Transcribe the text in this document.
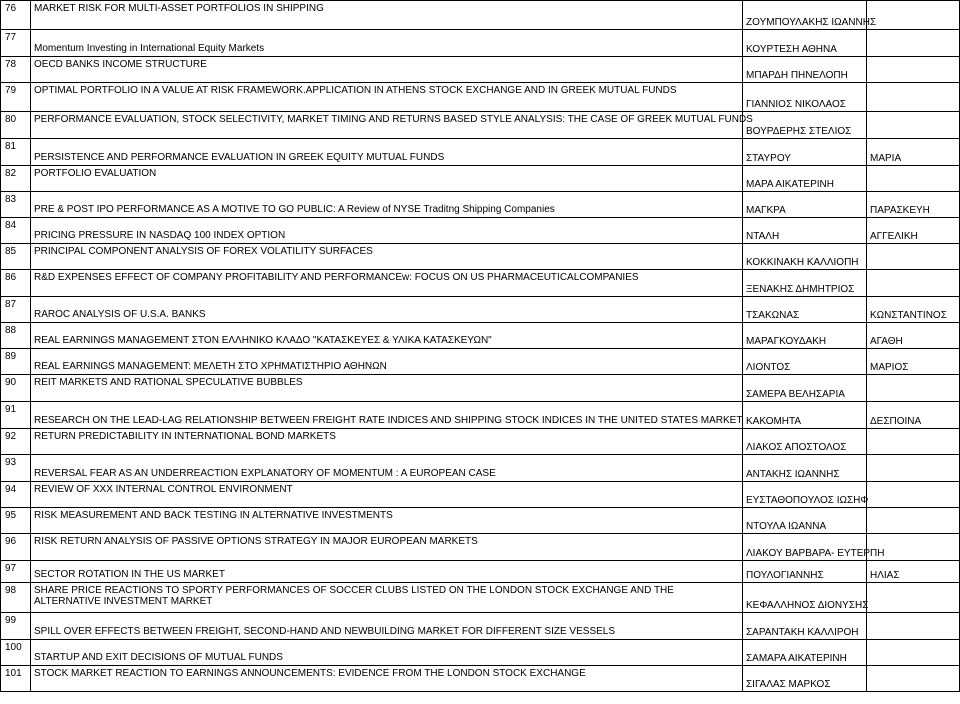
76	MARKET RISK FOR MULTI-ASSET PORTFOLIOS IN SHIPPING	ΖΟΥΜΠΟΥΛΑΚΗΣ ΙΩΑΝΝΗΣ	
77	Momentum Investing in International Equity Markets	ΚΟΥΡΤΕΣΗ ΑΘΗΝΑ	
78	OECD BANKS INCOME STRUCTURE	ΜΠΑΡΔΗ ΠΗΝΕΛΟΠΗ	
79	OPTIMAL PORTFOLIO IN A VALUE AT RISK FRAMEWORK.APPLICATION IN ATHENS STOCK EXCHANGE AND IN GREEK MUTUAL FUNDS	ΓΙΑΝΝΙΟΣ ΝΙΚΟΛΑΟΣ	
80	PERFORMANCE EVALUATION, STOCK SELECTIVITY, MARKET TIMING AND RETURNS BASED STYLE ANALYSIS: THE CASE OF GREEK MUTUAL FUNDS	ΒΟΥΡΔΕΡΗΣ ΣΤΕΛΙΟΣ	
81	PERSISTENCE AND PERFORMANCE EVALUATION IN GREEK EQUITY MUTUAL FUNDS	ΣΤΑΥΡΟΥ	ΜΑΡΙΑ
82	PORTFOLIO EVALUATION	ΜΑΡΑ ΑΙΚΑΤΕΡΙΝΗ	
83	PRE & POST IPO PERFORMANCE AS A MOTIVE TO GO PUBLIC: A Review of NYSE Traditng Shipping Companies	ΜΑΓΚΡΑ	ΠΑΡΑΣΚΕΥΗ
84	PRICING PRESSURE IN NASDAQ 100 INDEX OPTION	ΝΤΑΛΗ	ΑΓΓΕΛΙΚΗ
85	PRINCIPAL COMPONENT ANALYSIS OF FOREX VOLATILITY SURFACES	ΚΟΚΚΙΝΑΚΗ ΚΑΛΛΙΟΠΗ	
86	R&D EXPENSES EFFECT OF COMPANY PROFITABILITY AND PERFORMANCEw: FOCUS ON US PHARMACEUTICALCOMPANIES	ΞΕΝΑΚΗΣ ΔΗΜΗΤΡΙΟΣ	
87	RAROC ANALYSIS OF U.S.A. BANKS	ΤΣΑΚΩΝΑΣ	ΚΩΝΣΤΑΝΤΙΝΟΣ
88	REAL EARNINGS MANAGEMENT ΣΤΟΝ ΕΛΛΗΝΙΚΟ ΚΛΑΔΟ "ΚΑΤΑΣΚΕΥΕΣ & ΥΛΙΚΑ ΚΑΤΑΣΚΕΥΩΝ"	ΜΑΡΑΓΚΟΥΔΑΚΗ	ΑΓΑΘΗ
89	REAL EARNINGS MANAGEMENT: ΜΕΛΕΤΗ ΣΤΟ ΧΡΗΜΑΤΙΣΤΗΡΙΟ ΑΘΗΝΩΝ	ΛΙΟΝΤΟΣ	ΜΑΡΙΟΣ
90	REIT MARKETS AND RATIONAL SPECULATIVE BUBBLES	ΣΑΜΕΡΑ ΒΕΛΗΣΑΡΙΑ	
91	RESEARCH ON THE LEAD-LAG RELATIONSHIP BETWEEN FREIGHT RATE INDICES AND SHIPPING STOCK INDICES IN THE UNITED STATES MARKET	ΚΑΚΟΜΗΤΑ	ΔΕΣΠΟΙΝΑ
92	RETURN PREDICTABILITY IN INTERNATIONAL BOND MARKETS	ΛΙΑΚΟΣ ΑΠΟΣΤΟΛΟΣ	
93	REVERSAL FEAR AS AN UNDERREACTION EXPLANATORY OF MOMENTUM : A EUROPEAN CASE	ΑΝΤΑΚΗΣ ΙΩΑΝΝΗΣ	
94	REVIEW OF XXX INTERNAL CONTROL ENVIRONMENT	ΕΥΣΤΑΘΟΠΟΥΛΟΣ ΙΩΣΗΦ	
95	RISK MEASUREMENT AND BACK TESTING IN ALTERNATIVE INVESTMENTS	ΝΤΟΥΛΑ ΙΩΑΝΝΑ	
96	RISK RETURN ANALYSIS OF PASSIVE OPTIONS STRATEGY IN MAJOR EUROPEAN MARKETS	ΛΙΑΚΟΥ ΒΑΡΒΑΡΑ- ΕΥΤΕΡΠΗ	
97	SECTOR ROTATION IN THE US MARKET	ΠΟΥΛΟΓΙΑΝΝΗΣ	ΗΛΙΑΣ
98	SHARE PRICE REACTIONS TO SPORTY PERFORMANCES OF SOCCER CLUBS LISTED ON THE LONDON STOCK EXCHANGE AND THE ALTERNATIVE INVESTMENT MARKET	ΚΕΦΑΛΛΗΝΟΣ ΔΙΟΝΥΣΗΣ	
99	SPILL OVER EFFECTS BETWEEN FREIGHT, SECOND-HAND AND NEWBUILDING MARKET FOR DIFFERENT SIZE VESSELS	ΣΑΡΑΝΤΑΚΗ ΚΑΛΛΙΡΟΗ	
100	STARTUP AND EXIT DECISIONS OF MUTUAL FUNDS	ΣΑΜΑΡΑ ΑΙΚΑΤΕΡΙΝΗ	
101	STOCK MARKET REACTION TO EARNINGS ANNOUNCEMENTS: EVIDENCE FROM THE LONDON STOCK EXCHANGE	ΣΙΓΑΛΑΣ ΜΑΡΚΟΣ	
